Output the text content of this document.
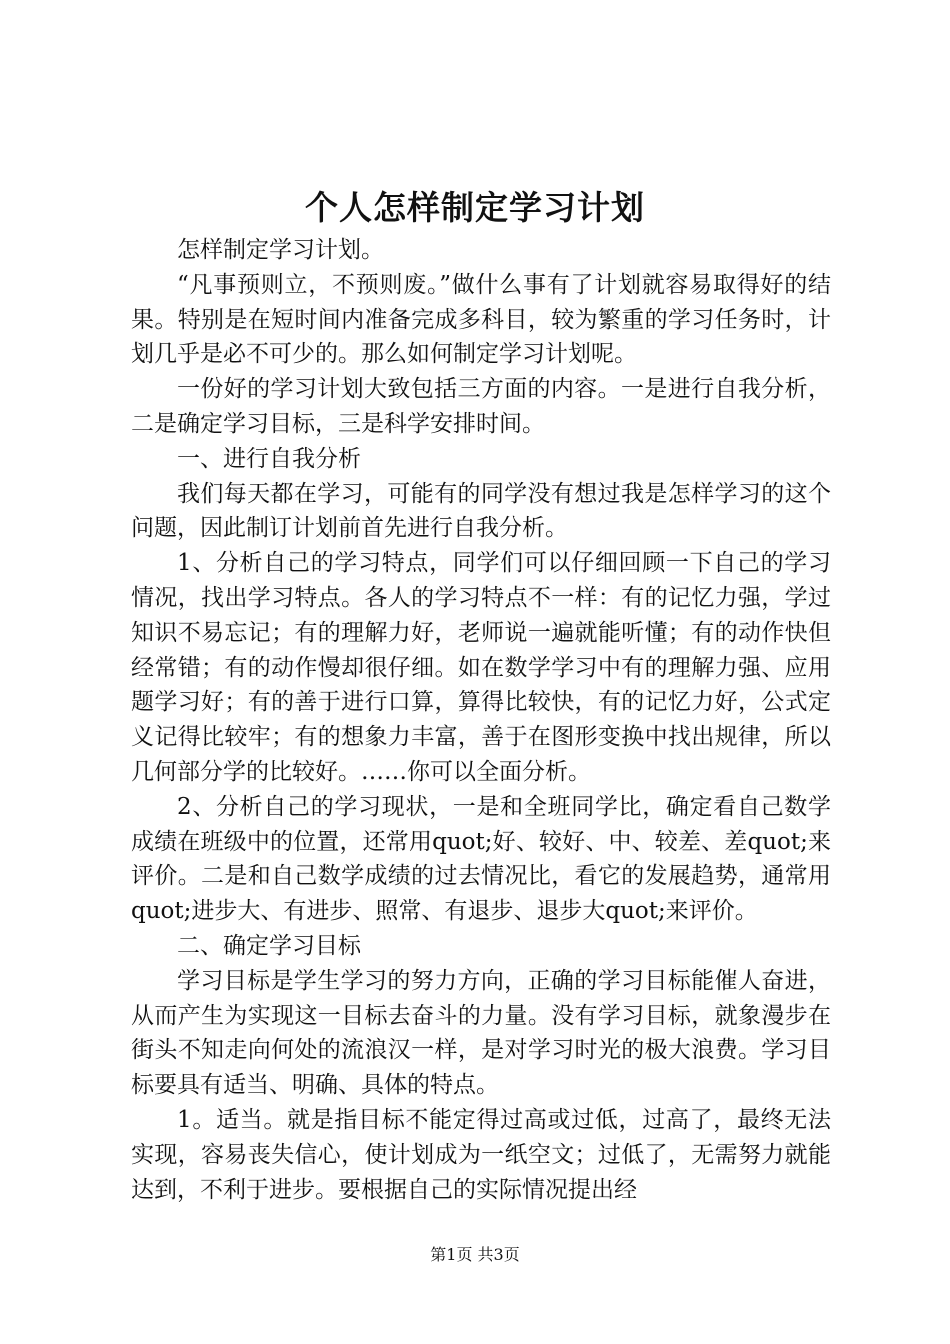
个人怎样制定学习计划

怎样制定学习计划。

“凡事预则立，不预则废。”做什么事有了计划就容易取得好的结果。特别是在短时间内准备完成多科目，较为繁重的学习任务时，计划几乎是必不可少的。那么如何制定学习计划呢。

一份好的学习计划大致包括三方面的内容。一是进行自我分析，二是确定学习目标，三是科学安排时间。

一、进行自我分析

我们每天都在学习，可能有的同学没有想过我是怎样学习的这个问题，因此制订计划前首先进行自我分析。

1、分析自己的学习特点，同学们可以仔细回顾一下自己的学习情况，找出学习特点。各人的学习特点不一样：有的记忆力强，学过知识不易忘记；有的理解力好，老师说一遍就能听懂；有的动作快但经常错；有的动作慢却很仔细。如在数学学习中有的理解力强、应用题学习好；有的善于进行口算，算得比较快，有的记忆力好，公式定义记得比较牢；有的想象力丰富，善于在图形变换中找出规律，所以几何部分学的比较好。……你可以全面分析。

2、分析自己的学习现状，一是和全班同学比，确定看自己数学成绩在班级中的位置，还常用quot;好、较好、中、较差、差quot;来评价。二是和自己数学成绩的过去情况比，看它的发展趋势，通常用quot;进步大、有进步、照常、有退步、退步大quot;来评价。

二、确定学习目标

学习目标是学生学习的努力方向，正确的学习目标能催人奋进，从而产生为实现这一目标去奋斗的力量。没有学习目标，就象漫步在街头不知走向何处的流浪汉一样，是对学习时光的极大浪费。学习目标要具有适当、明确、具体的特点。

1。适当。就是指目标不能定得过高或过低，过高了，最终无法实现，容易丧失信心，使计划成为一纸空文；过低了，无需努力就能达到，不利于进步。要根据自己的实际情况提出经

第1页 共3页
